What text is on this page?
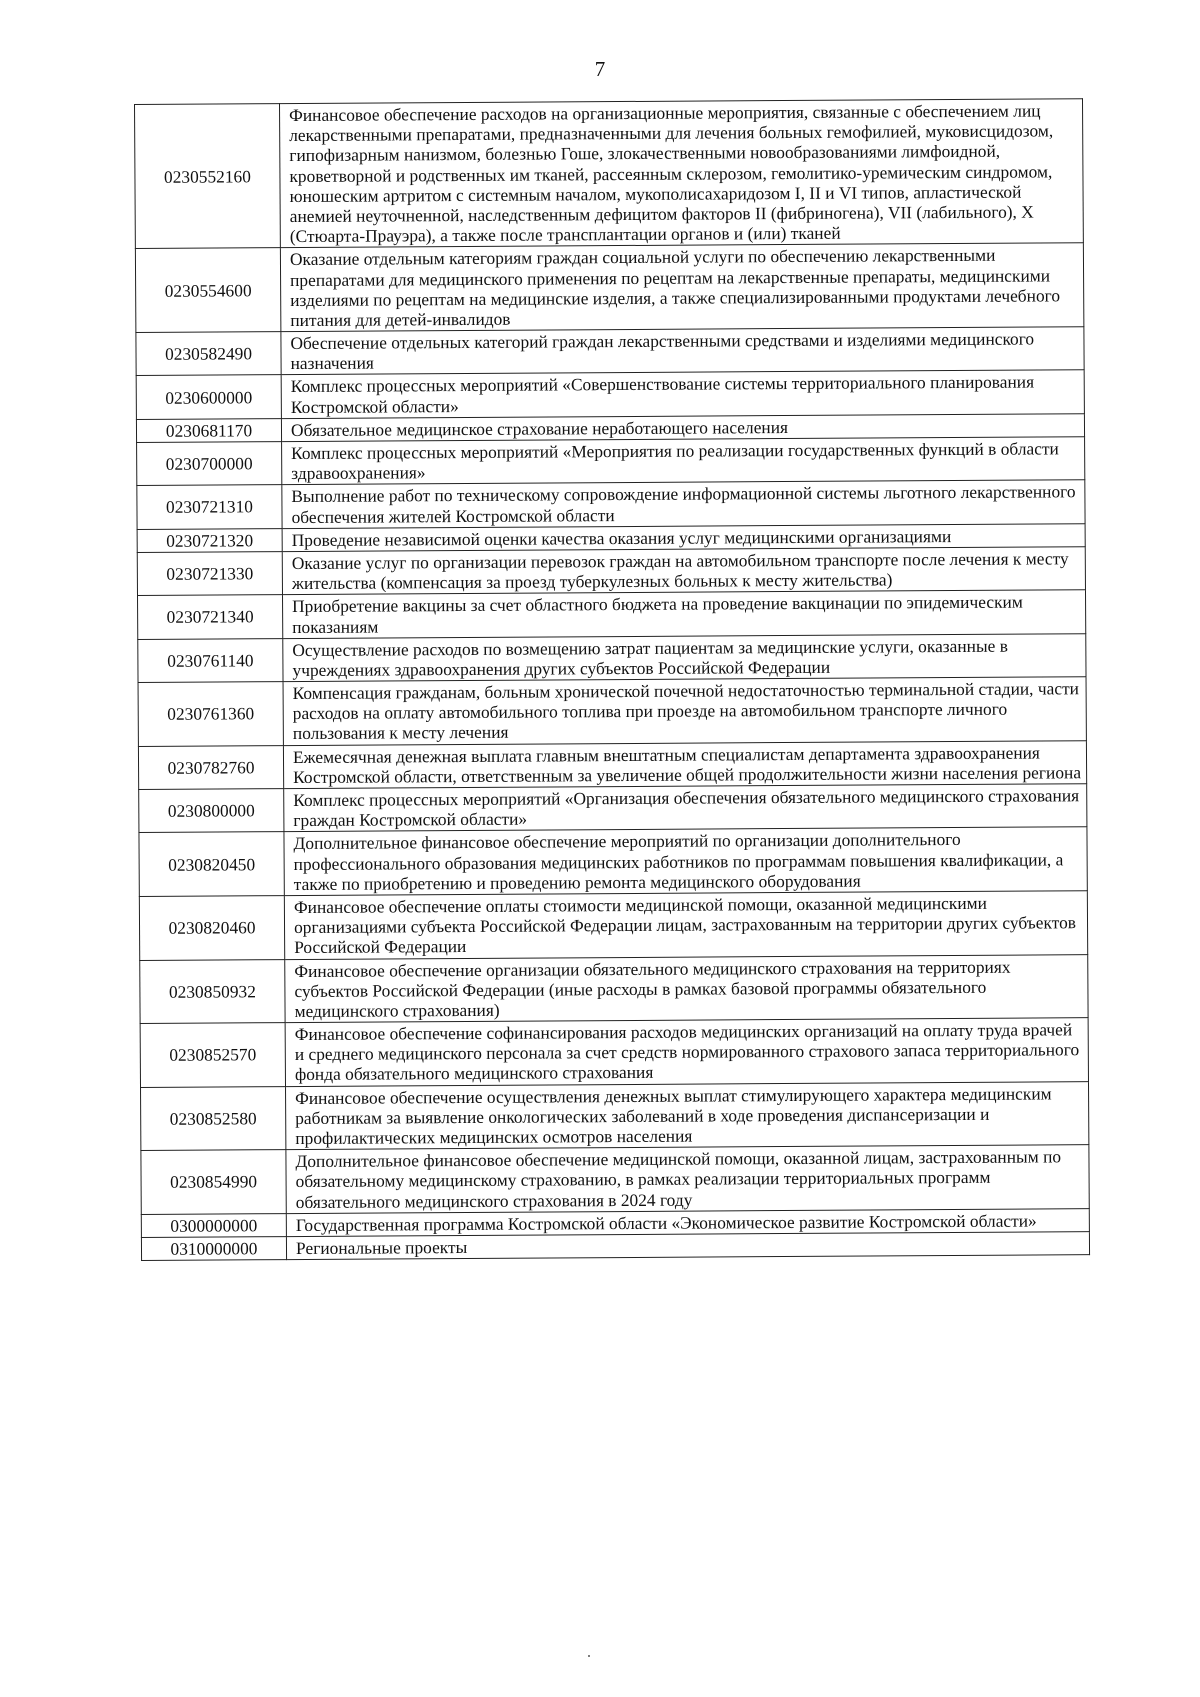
7
0230552160	Финансовое обеспечение расходов на организационные мероприятия, связанные с обеспечением лиц лекарственными препаратами, предназначенными для лечения больных гемофилией, муковисцидозом, гипофизарным нанизмом, болезнью Гоше, злокачественными новообразованиями лимфоидной, кроветворной и родственных им тканей, рассеянным склерозом, гемолитико-уремическим синдромом, юношеским артритом с системным началом, мукополисахаридозом I, II и VI типов, апластической анемией неуточненной, наследственным дефицитом факторов II (фибриногена), VII (лабильного), X (Стюарта-Прауэра), а также после трансплантации органов и (или) тканей
0230554600	Оказание отдельным категориям граждан социальной услуги по обеспечению лекарственными препаратами для медицинского применения по рецептам на лекарственные препараты, медицинскими изделиями по рецептам на медицинские изделия, а также специализированными продуктами лечебного питания для детей-инвалидов
0230582490	Обеспечение отдельных категорий граждан лекарственными средствами и изделиями медицинского назначения
0230600000	Комплекс процессных мероприятий «Совершенствование системы территориального планирования Костромской области»
0230681170	Обязательное медицинское страхование неработающего населения
0230700000	Комплекс процессных мероприятий «Мероприятия по реализации государственных функций в области здравоохранения»
0230721310	Выполнение работ по техническому сопровождение информационной системы льготного лекарственного обеспечения жителей Костромской области
0230721320	Проведение независимой оценки качества оказания услуг медицинскими организациями
0230721330	Оказание услуг по организации перевозок граждан на автомобильном транспорте после лечения к месту жительства (компенсация за проезд туберкулезных больных к месту жительства)
0230721340	Приобретение вакцины за счет областного бюджета на проведение вакцинации по эпидемическим показаниям
0230761140	Осуществление расходов по возмещению затрат пациентам за медицинские услуги, оказанные в учреждениях здравоохранения других субъектов Российской Федерации
0230761360	Компенсация гражданам, больным хронической почечной недостаточностью терминальной стадии, части расходов на оплату автомобильного топлива при проезде на автомобильном транспорте личного пользования к месту лечения
0230782760	Ежемесячная денежная выплата главным внештатным специалистам департамента здравоохранения Костромской области, ответственным за увеличение общей продолжительности жизни населения региона
0230800000	Комплекс процессных мероприятий «Организация обеспечения обязательного медицинского страхования граждан Костромской области»
0230820450	Дополнительное финансовое обеспечение мероприятий по организации дополнительного профессионального образования медицинских работников по программам повышения квалификации, а также по приобретению и проведению ремонта медицинского оборудования
0230820460	Финансовое обеспечение оплаты стоимости медицинской помощи, оказанной медицинскими организациями субъекта Российской Федерации лицам, застрахованным на территории других субъектов Российской Федерации
0230850932	Финансовое обеспечение организации обязательного медицинского страхования на территориях субъектов Российской Федерации (иные расходы в рамках базовой программы обязательного медицинского страхования)
0230852570	Финансовое обеспечение софинансирования расходов медицинских организаций на оплату труда врачей и среднего медицинского персонала за счет средств нормированного страхового запаса территориального фонда обязательного медицинского страхования
0230852580	Финансовое обеспечение осуществления денежных выплат стимулирующего характера медицинским работникам за выявление онкологических заболеваний в ходе проведения диспансеризации и профилактических медицинских осмотров населения
0230854990	Дополнительное финансовое обеспечение медицинской помощи, оказанной лицам, застрахованным по обязательному медицинскому страхованию, в рамках реализации территориальных программ обязательного медицинского страхования в 2024 году
0300000000	Государственная программа Костромской области «Экономическое развитие Костромской области»
0310000000	Региональные проекты
